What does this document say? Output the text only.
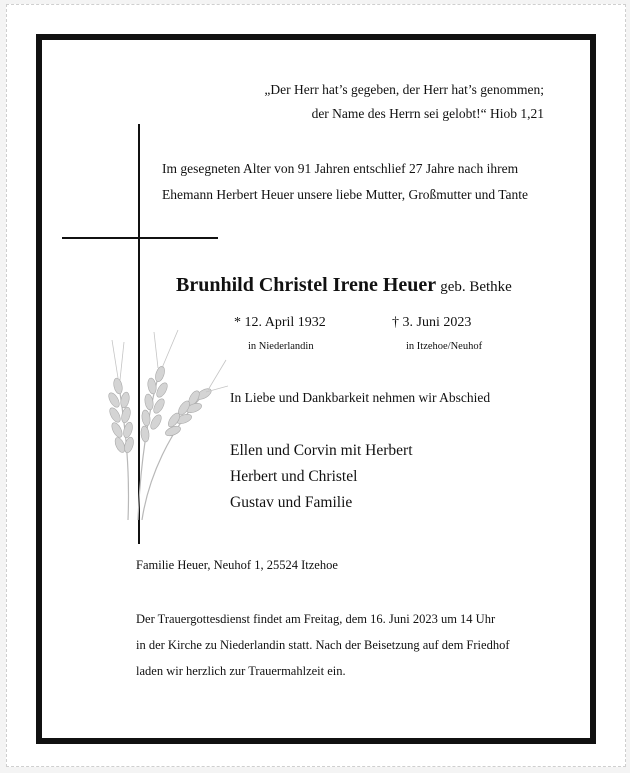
„Der Herr hat’s gegeben, der Herr hat’s genommen;
der Name des Herrn sei gelobt!“ Hiob 1,21
Im gesegneten Alter von 91 Jahren entschlief 27 Jahre nach ihrem
Ehemann Herbert Heuer unsere liebe Mutter, Großmutter und Tante
Brunhild Christel Irene Heuer geb. Bethke
* 12. April 1932
in Niederlandin
† 3. Juni 2023
in Itzehoe/Neuhof
In Liebe und Dankbarkeit nehmen wir Abschied
Ellen und Corvin mit Herbert
Herbert und Christel
Gustav und Familie
Familie Heuer, Neuhof 1, 25524 Itzehoe
Der Trauergottesdienst findet am Freitag, dem 16. Juni 2023 um 14 Uhr
in der Kirche zu Niederlandin statt. Nach der Beisetzung auf dem Friedhof
laden wir herzlich zur Trauermahlzeit ein.
